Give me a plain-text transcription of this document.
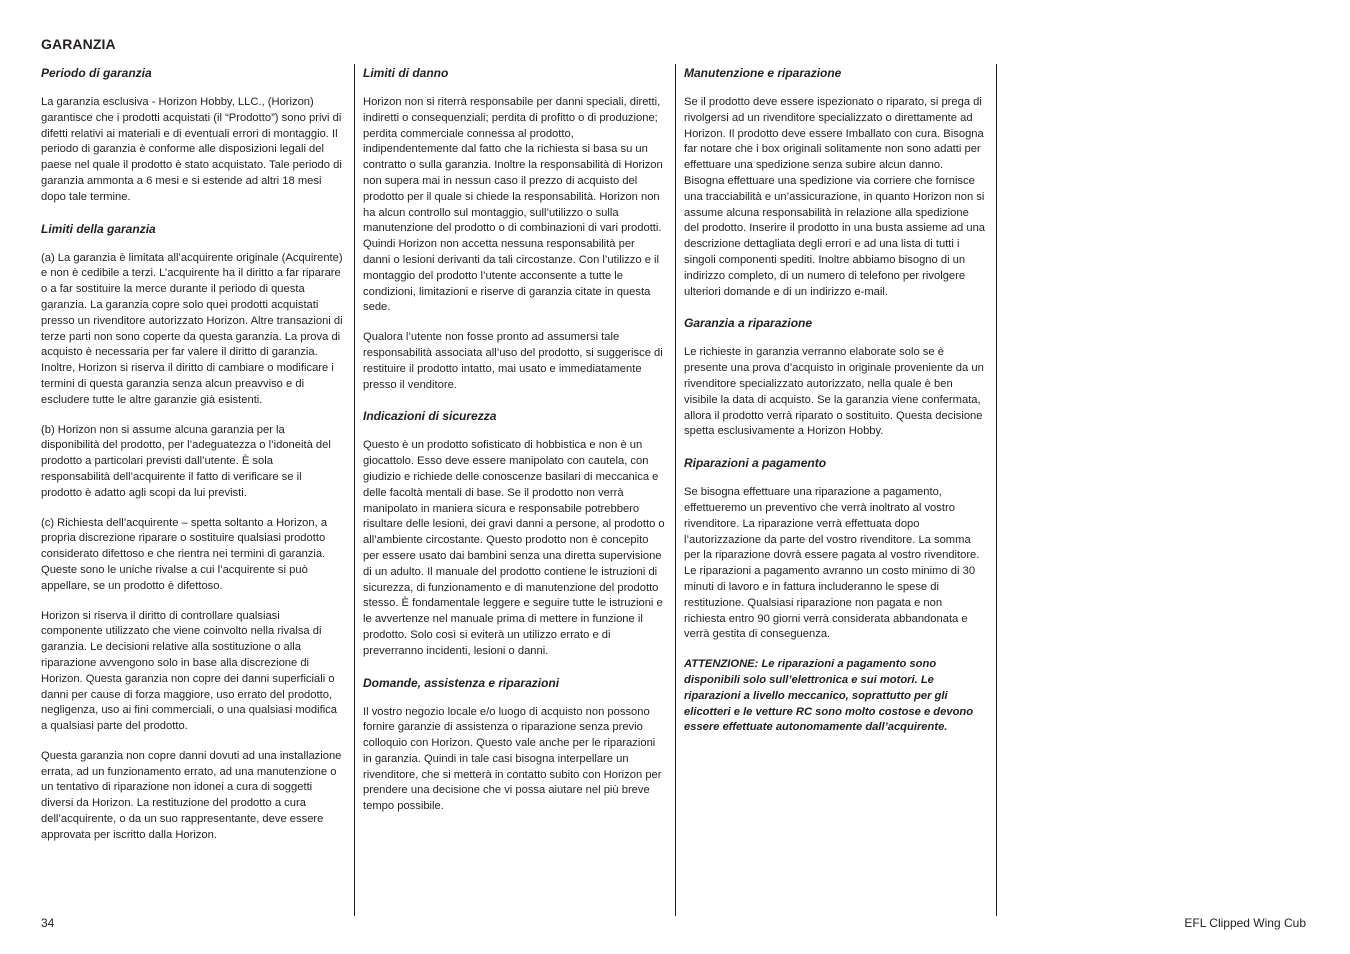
GARANZIA
Periodo di garanzia
La garanzia esclusiva - Horizon Hobby, LLC., (Horizon) garantisce che i prodotti acquistati (il “Prodotto”) sono privi di difetti relativi ai materiali e di eventuali errori di montaggio. Il periodo di garanzia è conforme alle disposizioni legali del paese nel quale il prodotto è stato acquistato. Tale periodo di garanzia ammonta a 6 mesi e si estende ad altri 18 mesi dopo tale termine.
Limiti della garanzia
(a) La garanzia è limitata all’acquirente originale (Acquirente) e non è cedibile a terzi. L’acquirente ha il diritto a far riparare o a far sostituire la merce durante il periodo di questa garanzia. La garanzia copre solo quei prodotti acquistati presso un rivenditore autorizzato Horizon. Altre transazioni di terze parti non sono coperte da questa garanzia. La prova di acquisto è necessaria per far valere il diritto di garanzia. Inoltre, Horizon si riserva il diritto di cambiare o modificare i termini di questa garanzia senza alcun preavviso e di escludere tutte le altre garanzie già esistenti.
(b) Horizon non si assume alcuna garanzia per la disponibilità del prodotto, per l’adeguatezza o l’idoneità del prodotto a particolari previsti dall’utente. È sola responsabilità dell’acquirente il fatto di verificare se il prodotto è adatto agli scopi da lui previsti.
(c) Richiesta dell’acquirente – spetta soltanto a Horizon, a propria discrezione riparare o sostituire qualsiasi prodotto considerato difettoso e che rientra nei termini di garanzia. Queste sono le uniche rivalse a cui l’acquirente si può appellare, se un prodotto è difettoso.
Horizon si riserva il diritto di controllare qualsiasi componente utilizzato che viene coinvolto nella rivalsa di garanzia. Le decisioni relative alla sostituzione o alla riparazione avvengono solo in base alla discrezione di Horizon. Questa garanzia non copre dei danni superficiali o danni per cause di forza maggiore, uso errato del prodotto, negligenza, uso ai fini commerciali, o una qualsiasi modifica a qualsiasi parte del prodotto.
Questa garanzia non copre danni dovuti ad una installazione errata, ad un funzionamento errato, ad una manutenzione o un tentativo di riparazione non idonei a cura di soggetti diversi da Horizon. La restituzione del prodotto a cura dell’acquirente, o da un suo rappresentante, deve essere approvata per iscritto dalla Horizon.
Limiti di danno
Horizon non si riterrà responsabile per danni speciali, diretti, indiretti o consequenziali; perdita di profitto o di produzione; perdita commerciale connessa al prodotto, indipendentemente dal fatto che la richiesta si basa su un contratto o sulla garanzia. Inoltre la responsabilità di Horizon non supera mai in nessun caso il prezzo di acquisto del prodotto per il quale si chiede la responsabilità. Horizon non ha alcun controllo sul montaggio, sull’utilizzo o sulla manutenzione del prodotto o di combinazioni di vari prodotti. Quindi Horizon non accetta nessuna responsabilità per danni o lesioni derivanti da tali circostanze. Con l’utilizzo e il montaggio del prodotto l’utente acconsente a tutte le condizioni, limitazioni e riserve di garanzia citate in questa sede.
Qualora l’utente non fosse pronto ad assumersi tale responsabilità associata all’uso del prodotto, si suggerisce di restituire il prodotto intatto, mai usato e immediatamente presso il venditore.
Indicazioni di sicurezza
Questo è un prodotto sofisticato di hobbistica e non è un giocattolo. Esso deve essere manipolato con cautela, con giudizio e richiede delle conoscenze basilari di meccanica e delle facoltà mentali di base. Se il prodotto non verrà manipolato in maniera sicura e responsabile potrebbero risultare delle lesioni, dei gravi danni a persone, al prodotto o all’ambiente circostante. Questo prodotto non è concepito per essere usato dai bambini senza una diretta supervisione di un adulto. Il manuale del prodotto contiene le istruzioni di sicurezza, di funzionamento e di manutenzione del prodotto stesso. È fondamentale leggere e seguire tutte le istruzioni e le avvertenze nel manuale prima di mettere in funzione il prodotto. Solo così si eviterà un utilizzo errato e di preverranno incidenti, lesioni o danni.
Domande, assistenza e riparazioni
Il vostro negozio locale e/o luogo di acquisto non possono fornire garanzie di assistenza o riparazione senza previo colloquio con Horizon. Questo vale anche per le riparazioni in garanzia. Quindi in tale casi bisogna interpellare un rivenditore, che si metterà in contatto subito con Horizon per prendere una decisione che vi possa aiutare nel più breve tempo possibile.
Manutenzione e riparazione
Se il prodotto deve essere ispezionato o riparato, si prega di rivolgersi ad un rivenditore specializzato o direttamente ad Horizon. Il prodotto deve essere Imballato con cura. Bisogna far notare che i box originali solitamente non sono adatti per effettuare una spedizione senza subire alcun danno. Bisogna effettuare una spedizione via corriere che fornisce una tracciabilità e un’assicurazione, in quanto Horizon non si assume alcuna responsabilità in relazione alla spedizione del prodotto. Inserire il prodotto in una busta assieme ad una descrizione dettagliata degli errori e ad una lista di tutti i singoli componenti spediti. Inoltre abbiamo bisogno di un indirizzo completo, di un numero di telefono per rivolgere ulteriori domande e di un indirizzo e-mail.
Garanzia a riparazione
Le richieste in garanzia verranno elaborate solo se è presente una prova d’acquisto in originale proveniente da un rivenditore specializzato autorizzato, nella quale è ben visibile la data di acquisto. Se la garanzia viene confermata, allora il prodotto verrà riparato o sostituito. Questa decisione spetta esclusivamente a Horizon Hobby.
Riparazioni a pagamento
Se bisogna effettuare una riparazione a pagamento, effettueremo un preventivo che verrà inoltrato al vostro rivenditore. La riparazione verrà effettuata dopo l’autorizzazione da parte del vostro rivenditore. La somma per la riparazione dovrà essere pagata al vostro rivenditore. Le riparazioni a pagamento avranno un costo minimo di 30 minuti di lavoro e in fattura includeranno le spese di restituzione. Qualsiasi riparazione non pagata e non richiesta entro 90 giorni verrà considerata abbandonata e verrà gestita di conseguenza.
ATTENZIONE: Le riparazioni a pagamento sono disponibili solo sull’elettronica e sui motori. Le riparazioni a livello meccanico, soprattutto per gli elicotteri e le vetture RC sono molto costose e devono essere effettuate autonomamente dall’acquirente.
34	EFL Clipped Wing Cub
